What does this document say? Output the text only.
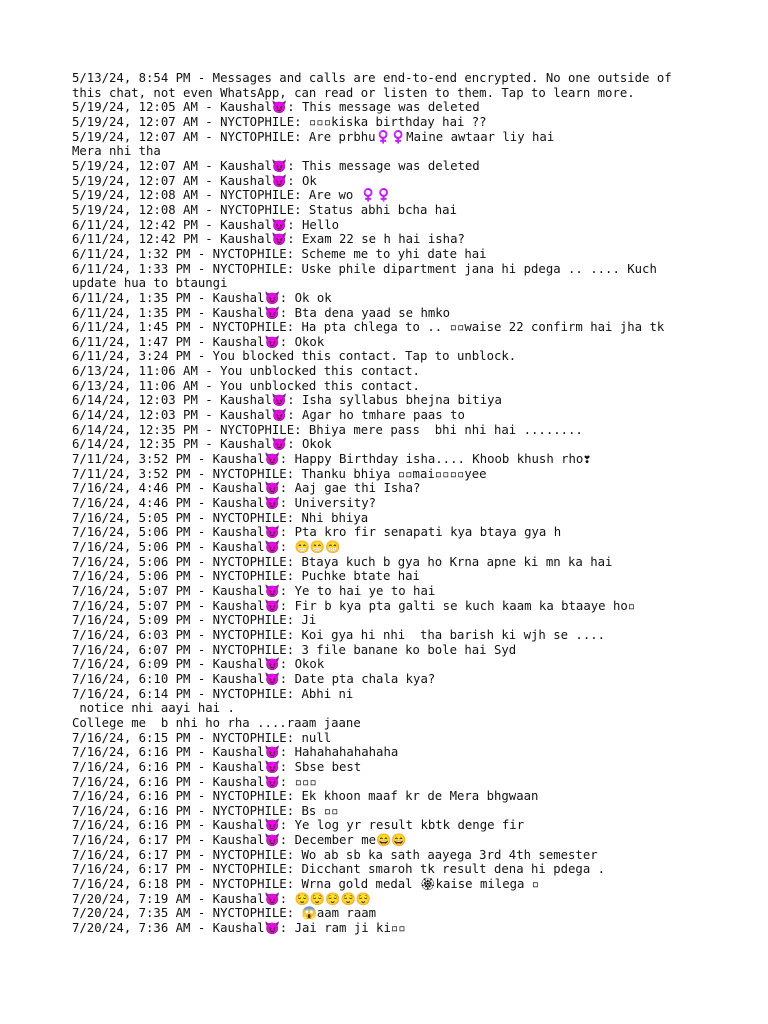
5/13/24, 8:54 PM - Messages and calls are end-to-end encrypted. No one outside of
this chat, not even WhatsApp, can read or listen to them. Tap to learn more.
5/19/24, 12:05 AM - Kaushal😈: This message was deleted
5/19/24, 12:07 AM - NYCTOPHILE: ▫▫▫kiska birthday hai ??
5/19/24, 12:07 AM - NYCTOPHILE: Are prbhu♀️♀️Maine awtaar liy hai
Mera nhi tha
5/19/24, 12:07 AM - Kaushal😈: This message was deleted
5/19/24, 12:07 AM - Kaushal😈: Ok
5/19/24, 12:08 AM - NYCTOPHILE: Are wo ♀️♀️
5/19/24, 12:08 AM - NYCTOPHILE: Status abhi bcha hai
6/11/24, 12:42 PM - Kaushal😈: Hello
6/11/24, 12:42 PM - Kaushal😈: Exam 22 se h hai isha?
6/11/24, 1:32 PM - NYCTOPHILE: Scheme me to yhi date hai
6/11/24, 1:33 PM - NYCTOPHILE: Uske phile dipartment jana hi pdega .. .... Kuch
update hua to btaungi
6/11/24, 1:35 PM - Kaushal😈: Ok ok
6/11/24, 1:35 PM - Kaushal😈: Bta dena yaad se hmko
6/11/24, 1:45 PM - NYCTOPHILE: Ha pta chlega to .. ▫▫waise 22 confirm hai jha tk
6/11/24, 1:47 PM - Kaushal😈: Okok
6/11/24, 3:24 PM - You blocked this contact. Tap to unblock.
6/13/24, 11:06 AM - You unblocked this contact.
6/13/24, 11:06 AM - You unblocked this contact.
6/14/24, 12:03 PM - Kaushal😈: Isha syllabus bhejna bitiya
6/14/24, 12:03 PM - Kaushal😈: Agar ho tmhare paas to
6/14/24, 12:35 PM - NYCTOPHILE: Bhiya mere pass  bhi nhi hai ........
6/14/24, 12:35 PM - Kaushal😈: Okok
7/11/24, 3:52 PM - Kaushal😈: Happy Birthday isha.... Khoob khush rho❣
7/11/24, 3:52 PM - NYCTOPHILE: Thanku bhiya ▫▫mai▫▫▫▫yee
7/16/24, 4:46 PM - Kaushal😈: Aaj gae thi Isha?
7/16/24, 4:46 PM - Kaushal😈: University?
7/16/24, 5:05 PM - NYCTOPHILE: Nhi bhiya
7/16/24, 5:06 PM - Kaushal😈: Pta kro fir senapati kya btaya gya h
7/16/24, 5:06 PM - Kaushal😈: 😁😁😁
7/16/24, 5:06 PM - NYCTOPHILE: Btaya kuch b gya ho Krna apne ki mn ka hai
7/16/24, 5:06 PM - NYCTOPHILE: Puchke btate hai
7/16/24, 5:07 PM - Kaushal😈: Ye to hai ye to hai
7/16/24, 5:07 PM - Kaushal😈: Fir b kya pta galti se kuch kaam ka btaaye ho▫
7/16/24, 5:09 PM - NYCTOPHILE: Ji
7/16/24, 6:03 PM - NYCTOPHILE: Koi gya hi nhi  tha barish ki wjh se ....
7/16/24, 6:07 PM - NYCTOPHILE: 3 file banane ko bole hai Syd
7/16/24, 6:09 PM - Kaushal😈: Okok
7/16/24, 6:10 PM - Kaushal😈: Date pta chala kya?
7/16/24, 6:14 PM - NYCTOPHILE: Abhi ni
notice nhi aayi hai .
College me  b nhi ho rha ....raam jaane
7/16/24, 6:15 PM - NYCTOPHILE: null
7/16/24, 6:16 PM - Kaushal😈: Hahahahahahaha
7/16/24, 6:16 PM - Kaushal😈: Sbse best
7/16/24, 6:16 PM - Kaushal😈: ▫▫▫
7/16/24, 6:16 PM - NYCTOPHILE: Ek khoon maaf kr de Mera bhgwaan
7/16/24, 6:16 PM - NYCTOPHILE: Bs ▫▫
7/16/24, 6:16 PM - Kaushal😈: Ye log yr result kbtk denge fir
7/16/24, 6:17 PM - Kaushal😈: December me😄😄
7/16/24, 6:17 PM - NYCTOPHILE: Wo ab sb ka sath aayega 3rd 4th semester
7/16/24, 6:17 PM - NYCTOPHILE: Dicchant smaroh tk result dena hi pdega .
7/16/24, 6:18 PM - NYCTOPHILE: Wrna gold medal 🏵kaise milega ▫
7/20/24, 7:19 AM - Kaushal😈: 😌😌😌😌😌
7/20/24, 7:35 AM - NYCTOPHILE: 😱aam raam
7/20/24, 7:36 AM - Kaushal😈: Jai ram ji ki▫▫
